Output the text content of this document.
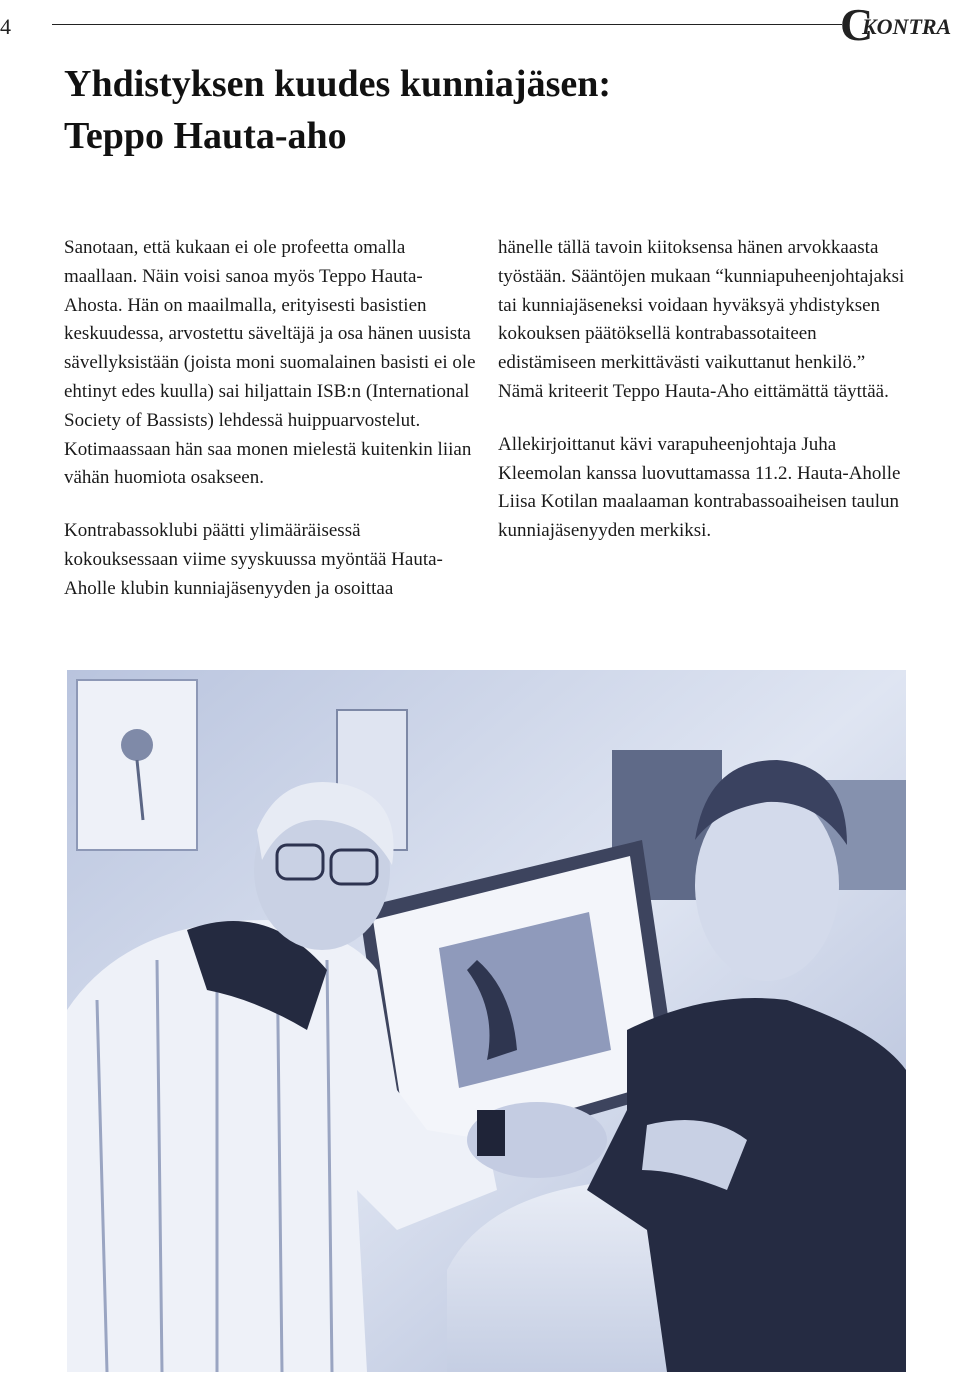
4	C
KONTRA
Yhdistyksen kuudes kunniajäsen:
Teppo Hauta-aho

Sanotaan, että kukaan ei ole profeetta omalla maallaan. Näin voisi sanoa myös Teppo Hauta-Ahosta. Hän on maailmalla, erityisesti basistien keskuudessa, arvostettu säveltäjä ja osa hänen uusista sävellyksistään (joista moni suomalainen basisti ei ole ehtinyt edes kuulla) sai hiljattain ISB:n (International Society of Bassists) lehdessä huippuarvostelut. Kotimaassaan hän saa monen mielestä kuitenkin liian vähän huomiota osakseen.

Kontrabassoklubi päätti ylimääräisessä kokouksessaan viime syyskuussa myöntää Hauta-Aholle klubin kunniajäsenyyden ja osoittaa

hänelle tällä tavoin kiitoksensa hänen arvokkaasta työstään. Sääntöjen mukaan “kunniapuheenjohtajaksi tai kunniajäseneksi voidaan hyväksyä yhdistyksen kokouksen päätöksellä kontrabassotaiteen edistämiseen merkittävästi vaikuttanut henkilö.” Nämä kriteerit Teppo Hauta-Aho eittämättä täyttää.

Allekirjoittanut kävi varapuheenjohtaja Juha Kleemolan kanssa luovuttamassa 11.2. Hauta-Aholle Liisa Kotilan maalaaman kontrabassoaiheisen taulun kunniajäsenyyden merkiksi.
